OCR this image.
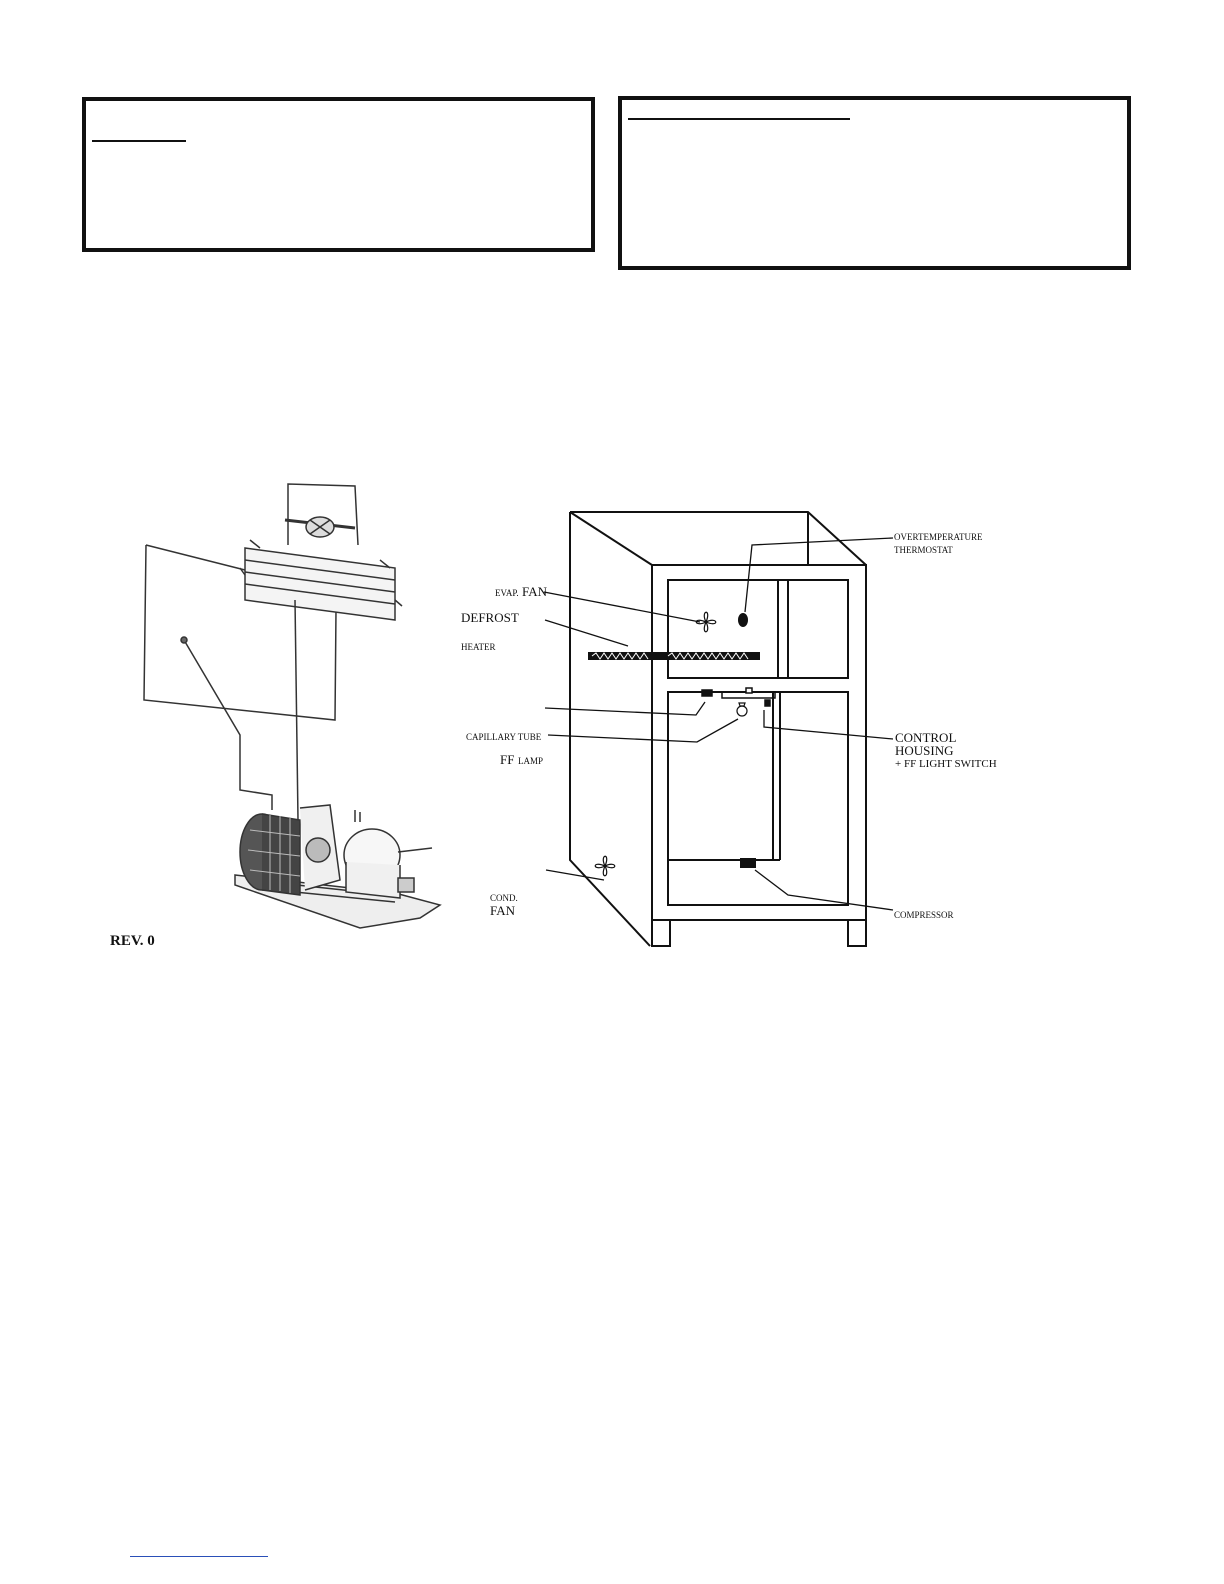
OVERTEMPERATURE
THERMOSTAT
EVAP. FAN
DEFROST
HEATER
CAPILLARY TUBE
FF LAMP
CONTROL
HOUSING
+ FF LIGHT SWITCH
COND.
FAN	COMPRESSOR
REV. 0
